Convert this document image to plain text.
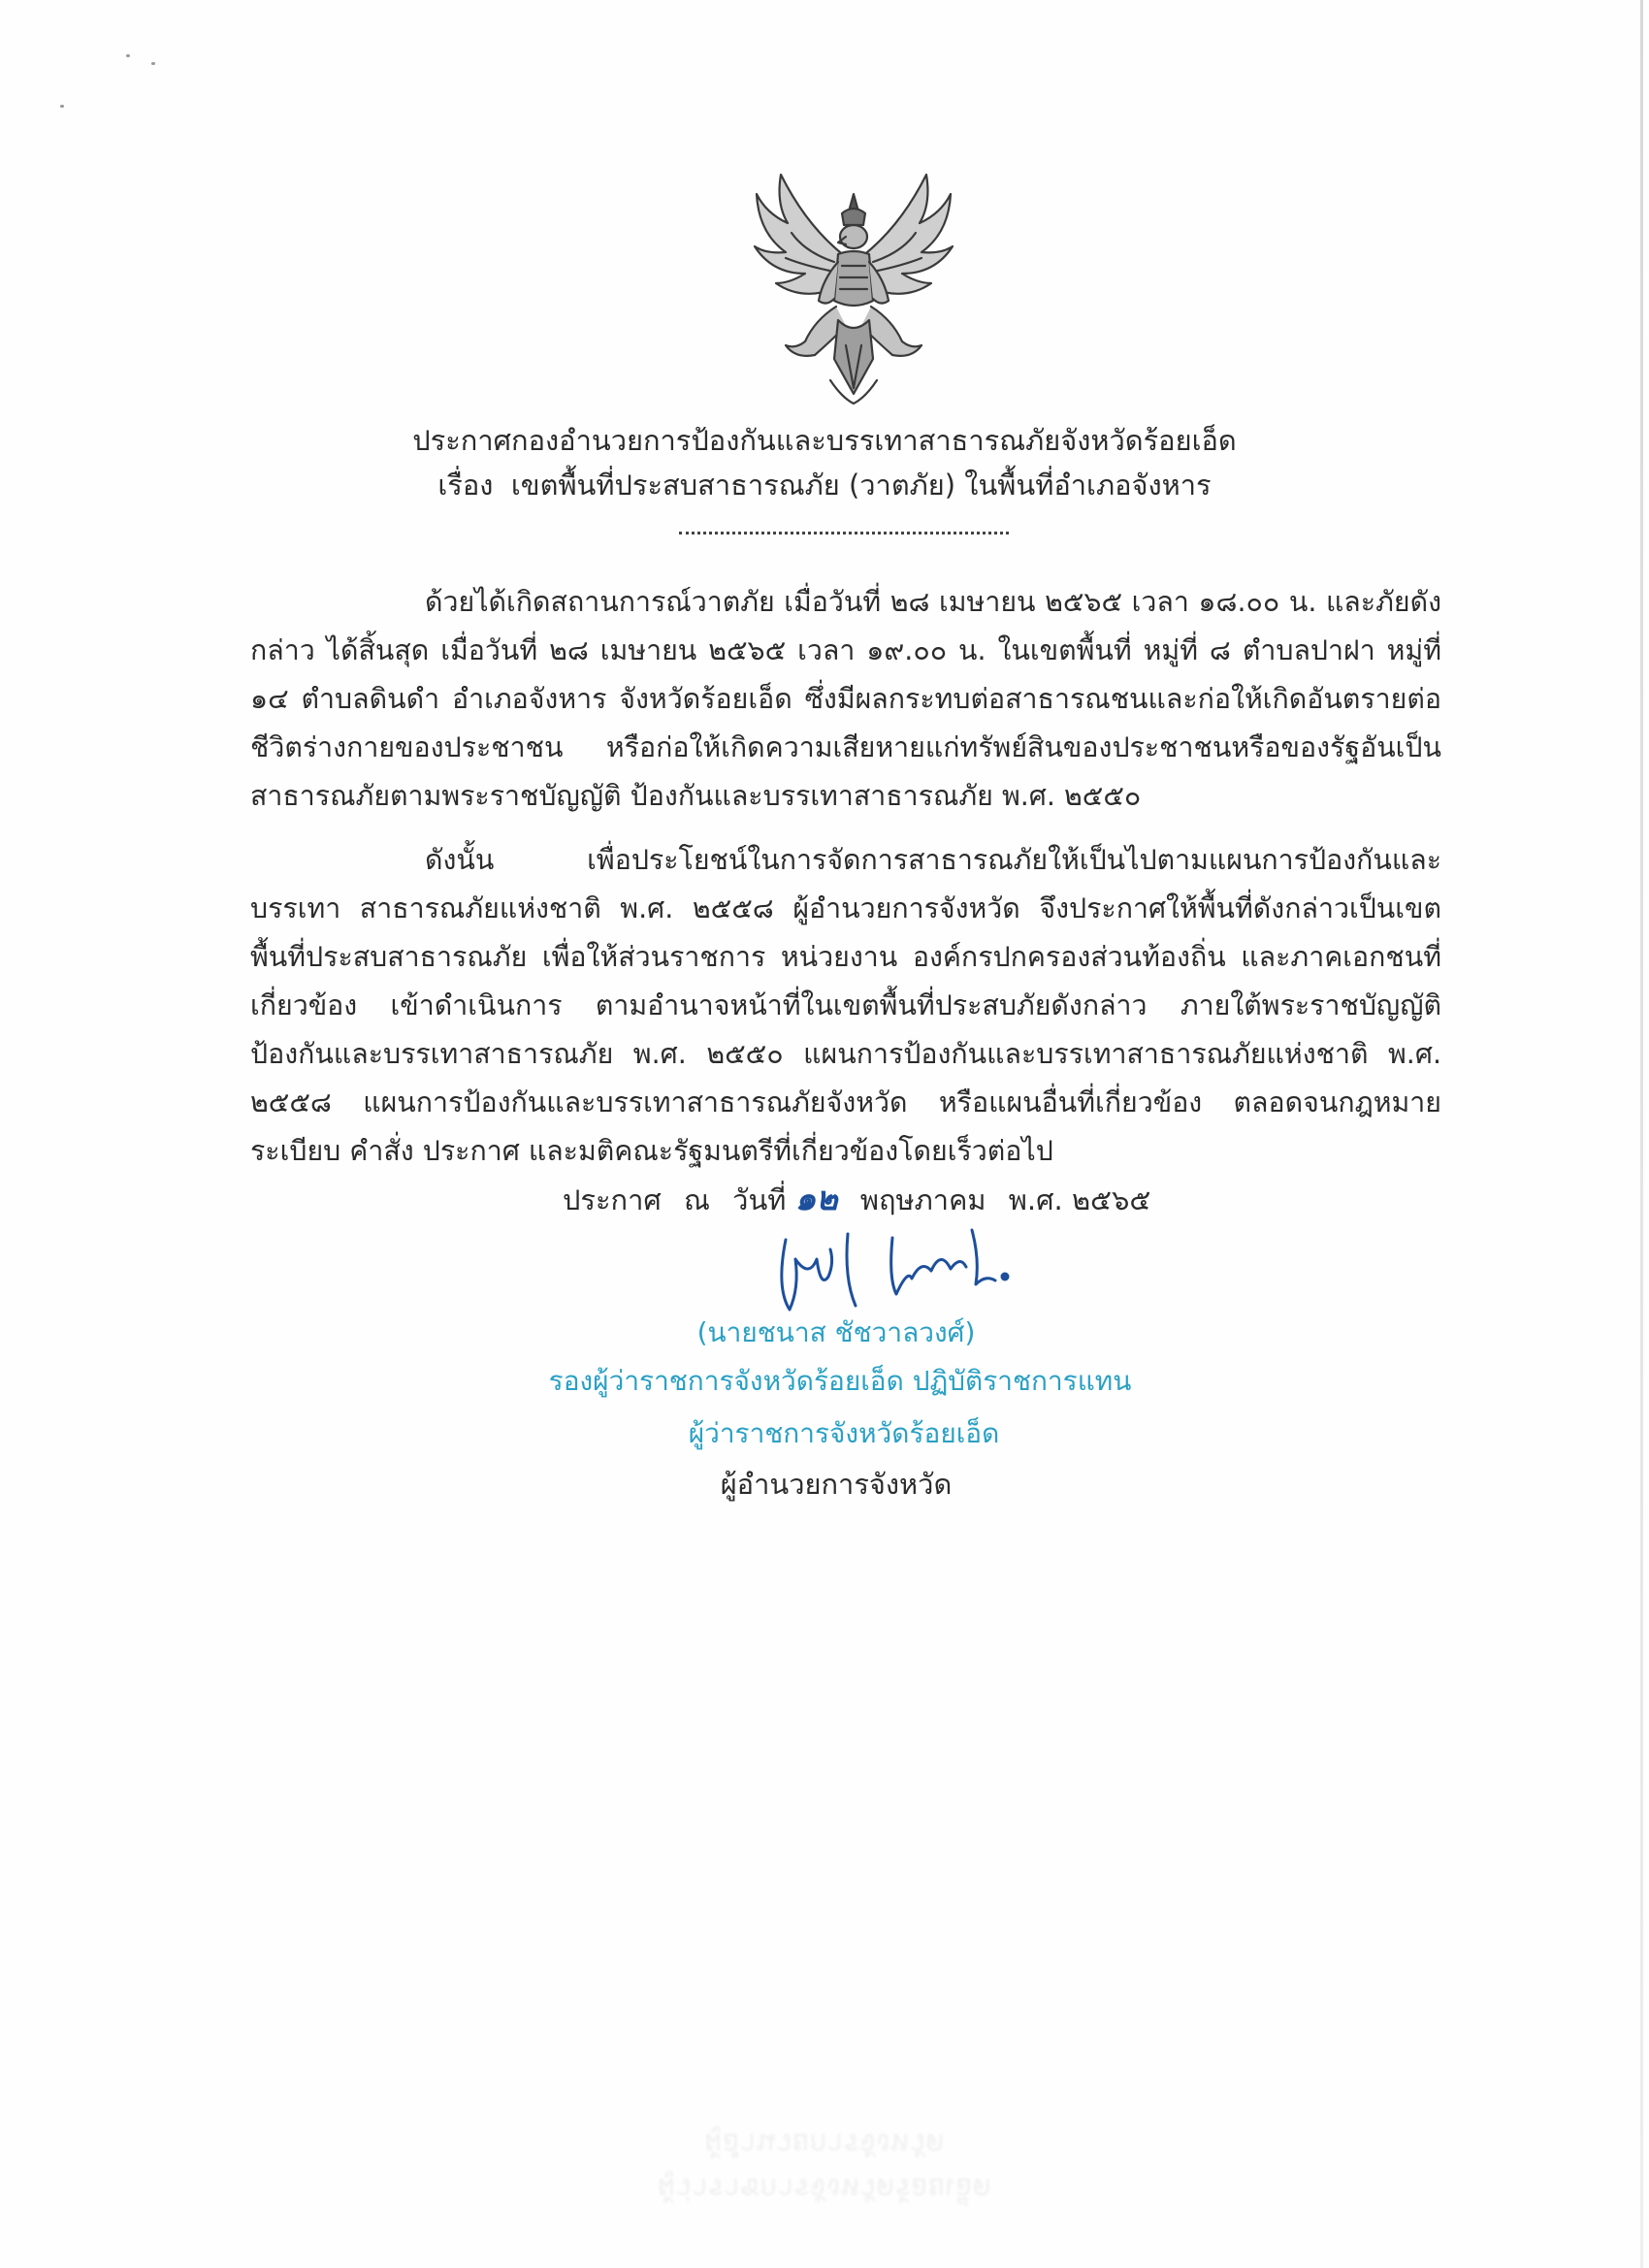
ประกาศกองอำนวยการป้องกันและบรรเทาสาธารณภัยจังหวัดร้อยเอ็ด
เรื่อง เขตพื้นที่ประสบสาธารณภัย (วาตภัย) ในพื้นที่อำเภอจังหาร

ด้วยได้เกิดสถานการณ์วาตภัย เมื่อวันที่ ๒๘ เมษายน ๒๕๖๕ เวลา ๑๘.๐๐ น. และภัยดังกล่าว ได้สิ้นสุด เมื่อวันที่ ๒๘ เมษายน ๒๕๖๕ เวลา ๑๙.๐๐ น. ในเขตพื้นที่ หมู่ที่ ๘ ตำบลปาฝา หมู่ที่ ๑๔ ตำบลดินดำ อำเภอจังหาร จังหวัดร้อยเอ็ด ซึ่งมีผลกระทบต่อสาธารณชนและก่อให้เกิดอันตรายต่อชีวิตร่างกายของประชาชน หรือก่อให้เกิดความเสียหายแก่ทรัพย์สินของประชาชนหรือของรัฐอันเป็นสาธารณภัยตามพระราชบัญญัติ ป้องกันและบรรเทาสาธารณภัย พ.ศ. ๒๕๕๐

ดังนั้น เพื่อประโยชน์ในการจัดการสาธารณภัยให้เป็นไปตามแผนการป้องกันและบรรเทา สาธารณภัยแห่งชาติ พ.ศ. ๒๕๕๘ ผู้อำนวยการจังหวัด จึงประกาศให้พื้นที่ดังกล่าวเป็นเขตพื้นที่ประสบสาธารณภัย เพื่อให้ส่วนราชการ หน่วยงาน องค์กรปกครองส่วนท้องถิ่น และภาคเอกชนที่เกี่ยวข้อง เข้าดำเนินการ ตามอำนาจหน้าที่ในเขตพื้นที่ประสบภัยดังกล่าว ภายใต้พระราชบัญญัติป้องกันและบรรเทาสาธารณภัย พ.ศ. ๒๕๕๐ แผนการป้องกันและบรรเทาสาธารณภัยแห่งชาติ พ.ศ. ๒๕๕๘ แผนการป้องกันและบรรเทาสาธารณภัยจังหวัด หรือแผนอื่นที่เกี่ยวข้อง ตลอดจนกฎหมาย ระเบียบ คำสั่ง ประกาศ และมติคณะรัฐมนตรีที่เกี่ยวข้องโดยเร็วต่อไป

ประกาศ ณ วันที่ ๑๒ พฤษภาคม พ.ศ. ๒๕๖๕
(นายชนาส ชัชวาลวงศ์)
รองผู้ว่าราชการจังหวัดร้อยเอ็ด ปฏิบัติราชการแทน
ผู้ว่าราชการจังหวัดร้อยเอ็ด
ผู้อำนวยการจังหวัด
ผู้อำนวยการจังหวัด
ผู้ว่าราชการจังหวัดร้อยเอ็ด
